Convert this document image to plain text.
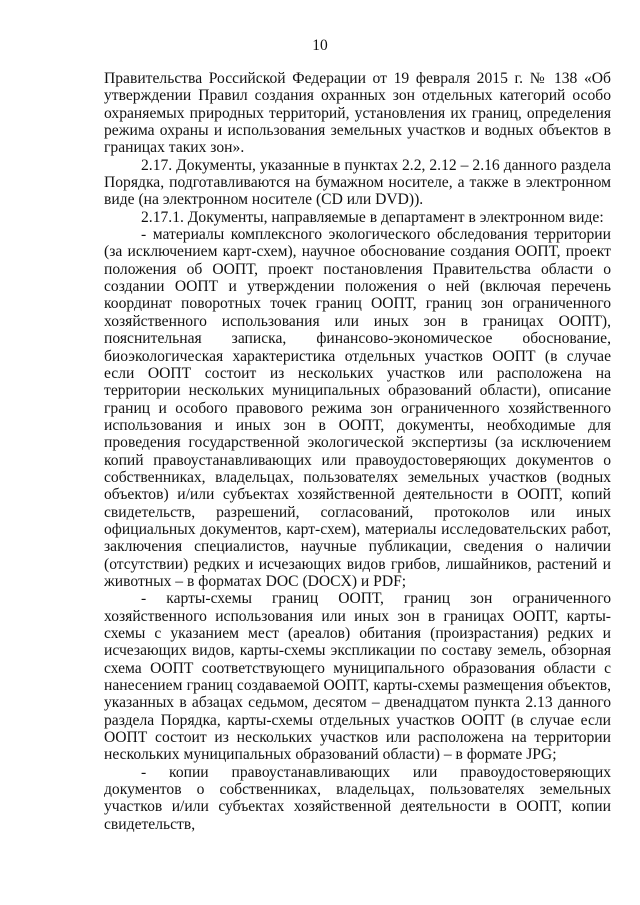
10

Правительства Российской Федерации от 19 февраля 2015 г. № 138 «Об утверждении Правил создания охранных зон отдельных категорий особо охраняемых природных территорий, установления их границ, определения режима охраны и использования земельных участков и водных объектов в границах таких зон».

2.17. Документы, указанные в пунктах 2.2, 2.12 – 2.16 данного раздела Порядка, подготавливаются на бумажном носителе, а также в электронном виде (на электронном носителе (CD или DVD)).

2.17.1. Документы, направляемые в департамент в электронном виде:

- материалы комплексного экологического обследования территории (за исключением карт-схем), научное обоснование создания ООПТ, проект положения об ООПТ, проект постановления Правительства области о создании ООПТ и утверждении положения о ней (включая перечень координат поворотных точек границ ООПТ, границ зон ограниченного хозяйственного использования или иных зон в границах ООПТ), пояснительная записка, финансово-экономическое обоснование, биоэкологическая характеристика отдельных участков ООПТ (в случае если ООПТ состоит из нескольких участков или расположена на территории нескольких муниципальных образований области), описание границ и особого правового режима зон ограниченного хозяйственного использования и иных зон в ООПТ, документы, необходимые для проведения государственной экологической экспертизы (за исключением копий правоустанавливающих или правоудостоверяющих документов о собственниках, владельцах, пользователях земельных участков (водных объектов) и/или субъектах хозяйственной деятельности в ООПТ, копий свидетельств, разрешений, согласований, протоколов или иных официальных документов, карт-схем), материалы исследовательских работ, заключения специалистов, научные публикации, сведения о наличии (отсутствии) редких и исчезающих видов грибов, лишайников, растений и животных – в форматах DOC (DOCX) и PDF;

- карты-схемы границ ООПТ, границ зон ограниченного хозяйственного использования или иных зон в границах ООПТ, карты-схемы с указанием мест (ареалов) обитания (произрастания) редких и исчезающих видов, карты-схемы экспликации по составу земель, обзорная схема ООПТ соответствующего муниципального образования области с нанесением границ создаваемой ООПТ, карты-схемы размещения объектов, указанных в абзацах седьмом, десятом – двенадцатом пункта 2.13 данного раздела Порядка, карты-схемы отдельных участков ООПТ (в случае если ООПТ состоит из нескольких участков или расположена на территории нескольких муниципальных образований области) – в формате JPG;

- копии правоустанавливающих или правоудостоверяющих документов о собственниках, владельцах, пользователях земельных участков и/или субъектах хозяйственной деятельности в ООПТ, копии свидетельств,
